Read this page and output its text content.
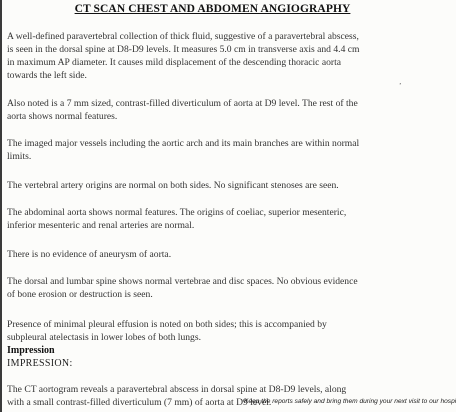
CT SCAN CHEST AND ABDOMEN ANGIOGRAPHY
A well-defined paravertebral collection of thick fluid, suggestive of a paravertebral abscess,
is seen in the dorsal spine at D8-D9 levels. It measures 5.0 cm in transverse axis and 4.4 cm
in maximum AP diameter. It causes mild displacement of the descending thoracic aorta
towards the left side.
’
Also noted is a 7 mm sized, contrast-filled diverticulum of aorta at D9 level. The rest of the
aorta shows normal features.
The imaged major vessels including the aortic arch and its main branches are within normal
limits.
The vertebral artery origins are normal on both sides. No significant stenoses are seen.
The abdominal aorta shows normal features. The origins of coeliac, superior mesenteric,
inferior mesenteric and renal arteries are normal.
There is no evidence of aneurysm of aorta.
The dorsal and lumbar spine shows normal vertebrae and disc spaces. No obvious evidence
of bone erosion or destruction is seen.
Presence of minimal pleural effusion is noted on both sides; this is accompanied by
subpleural atelectasis in lower lobes of both lungs.
Impression
IMPRESSION:
The CT aortogram reveals a paravertebral abscess in dorsal spine at D8-D9 levels, along
with a small contrast-filled diverticulum (7 mm) of aorta at D9 level.
Keep the reports safely and bring them during your next visit to our hospi
